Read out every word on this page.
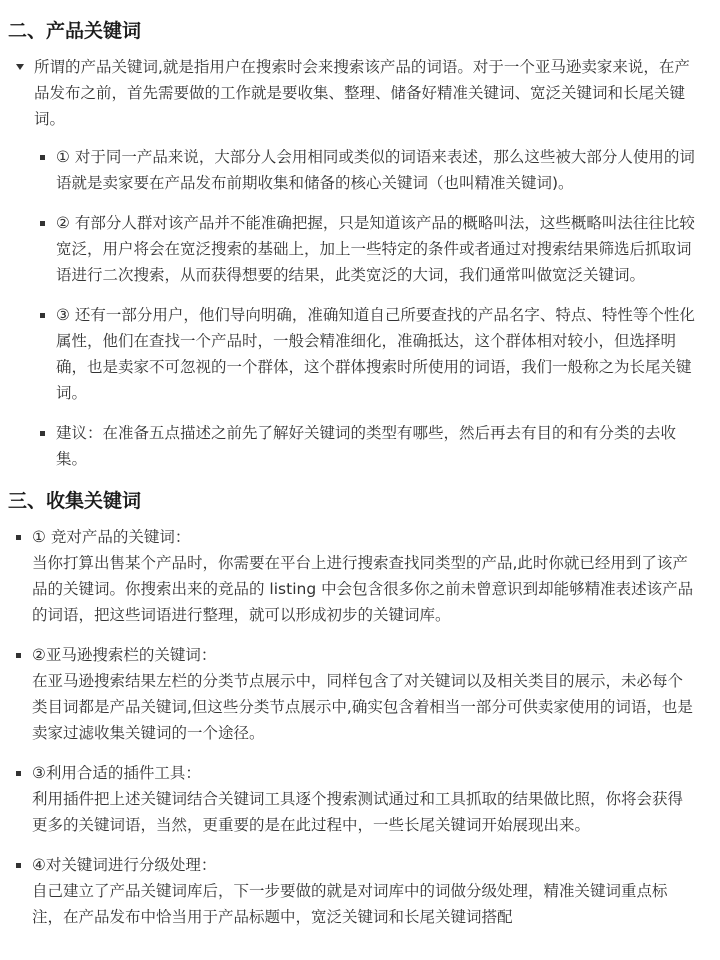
二、产品关键词
所谓的产品关键词,就是指用户在搜索时会来搜索该产品的词语。对于一个亚马逊卖家来说，在产品发布之前，首先需要做的工作就是要收集、整理、储备好精准关键词、宽泛关键词和长尾关键词。
① 对于同一产品来说，大部分人会用相同或类似的词语来表述，那么这些被大部分人使用的词语就是卖家要在产品发布前期收集和储备的核心关键词（也叫精准关键词)。
② 有部分人群对该产品并不能准确把握，只是知道该产品的概略叫法，这些概略叫法往往比较宽泛，用户将会在宽泛搜索的基础上，加上一些特定的条件或者通过对搜索结果筛选后抓取词语进行二次搜索，从而获得想要的结果，此类宽泛的大词，我们通常叫做宽泛关键词。
③ 还有一部分用户，他们导向明确，准确知道自己所要查找的产品名字、特点、特性等个性化属性，他们在查找一个产品时，一般会精准细化，准确抵达，这个群体相对较小，但选择明确，也是卖家不可忽视的一个群体，这个群体搜索时所使用的词语，我们一般称之为长尾关键词。
建议：在准备五点描述之前先了解好关键词的类型有哪些，然后再去有目的和有分类的去收集。
三、收集关键词
① 竞对产品的关键词：
当你打算出售某个产品时，你需要在平台上进行搜索查找同类型的产品,此时你就已经用到了该产品的关键词。你搜索出来的竞品的 listing 中会包含很多你之前未曾意识到却能够精准表述该产品的词语，把这些词语进行整理，就可以形成初步的关键词库。
②亚马逊搜索栏的关键词：
在亚马逊搜索结果左栏的分类节点展示中，同样包含了对关键词以及相关类目的展示，未必每个类目词都是产品关键词,但这些分类节点展示中,确实包含着相当一部分可供卖家使用的词语，也是卖家过滤收集关键词的一个途径。
③利用合适的插件工具：
利用插件把上述关键词结合关键词工具逐个搜索测试通过和工具抓取的结果做比照，你将会获得更多的关键词语，当然，更重要的是在此过程中，一些长尾关键词开始展现出来。
④对关键词进行分级处理：
自己建立了产品关键词库后，下一步要做的就是对词库中的词做分级处理，精准关键词重点标注，在产品发布中恰当用于产品标题中，宽泛关键词和长尾关键词搭配
